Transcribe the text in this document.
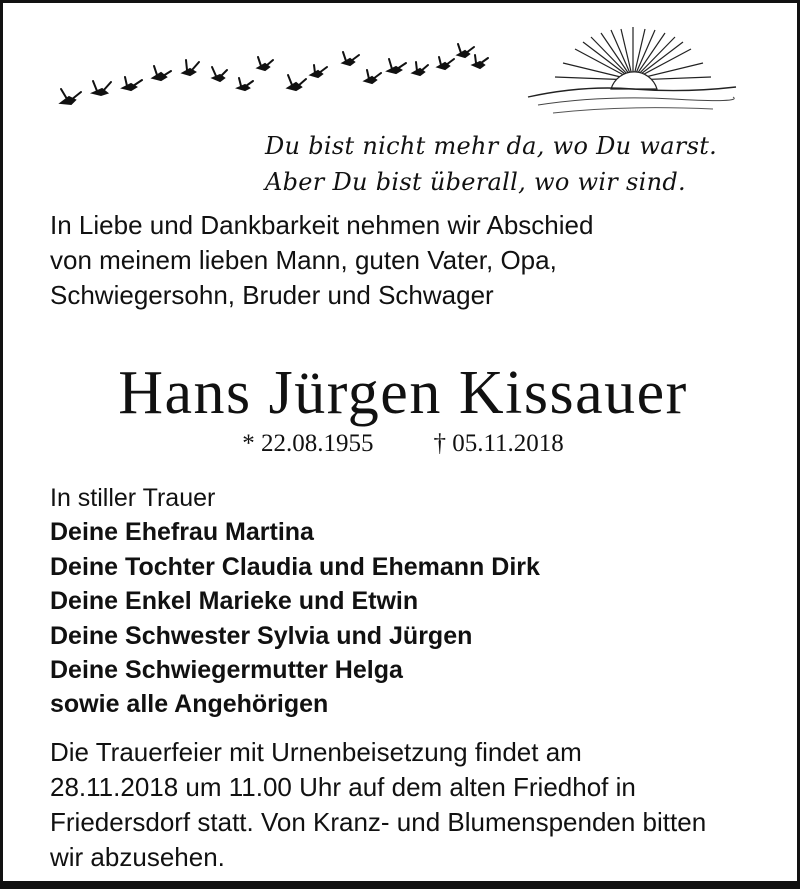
Du bist nicht mehr da, wo Du warst.
Aber Du bist überall, wo wir sind.
In Liebe und Dankbarkeit nehmen wir Abschied
von meinem lieben Mann, guten Vater, Opa,
Schwiegersohn, Bruder und Schwager
Hans Jürgen Kissauer
* 22.08.1955 † 05.11.2018
In stiller Trauer
Deine Ehefrau Martina
Deine Tochter Claudia und Ehemann Dirk
Deine Enkel Marieke und Etwin
Deine Schwester Sylvia und Jürgen
Deine Schwiegermutter Helga
sowie alle Angehörigen
Die Trauerfeier mit Urnenbeisetzung findet am
28.11.2018 um 11.00 Uhr auf dem alten Friedhof in
Friedersdorf statt. Von Kranz- und Blumenspenden bitten
wir abzusehen.
